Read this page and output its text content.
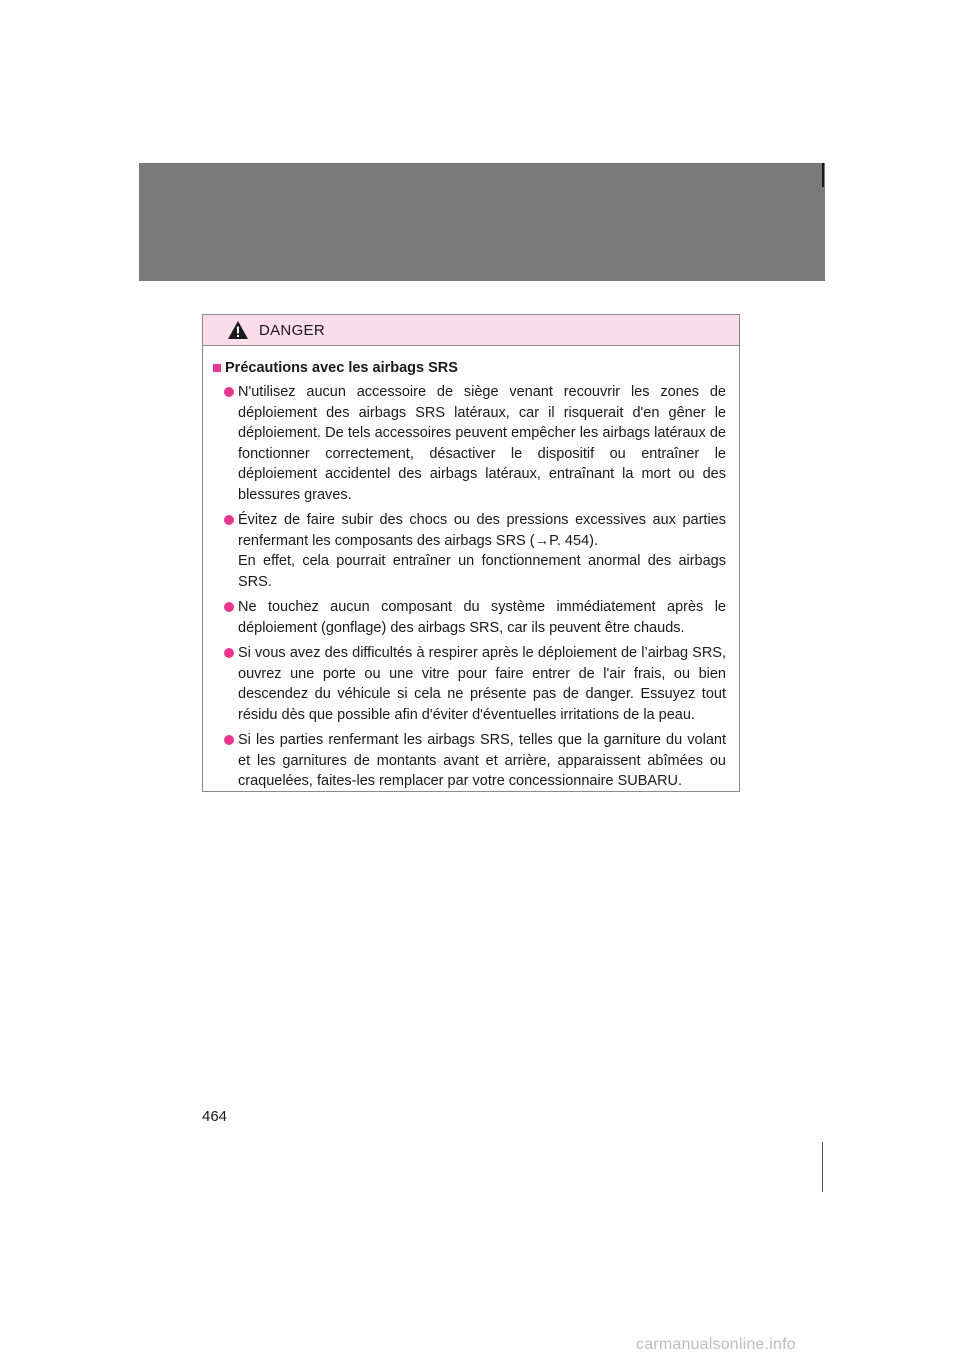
DANGER
Précautions avec les airbags SRS

N'utilisez aucun accessoire de siège venant recouvrir les zones de déploiement des airbags SRS latéraux, car il risquerait d'en gêner le déploiement. De tels accessoires peuvent empêcher les airbags latéraux de fonctionner correctement, désactiver le dispositif ou entraîner le déploiement accidentel des airbags latéraux, entraînant la mort ou des blessures graves.

Évitez de faire subir des chocs ou des pressions excessives aux parties renfermant les composants des airbags SRS (→P. 454).

En effet, cela pourrait entraîner un fonctionnement anormal des airbags SRS.

Ne touchez aucun composant du système immédiatement après le déploiement (gonflage) des airbags SRS, car ils peuvent être chauds.

Si vous avez des difficultés à respirer après le déploiement de l’airbag SRS, ouvrez une porte ou une vitre pour faire entrer de l'air frais, ou bien descendez du véhicule si cela ne présente pas de danger. Essuyez tout résidu dès que possible afin d'éviter d'éventuelles irritations de la peau.

Si les parties renfermant les airbags SRS, telles que la garniture du volant et les garnitures de montants avant et arrière, apparaissent abîmées ou craquelées, faites-les remplacer par votre concessionnaire SUBARU.

464
carmanualsonline.info
